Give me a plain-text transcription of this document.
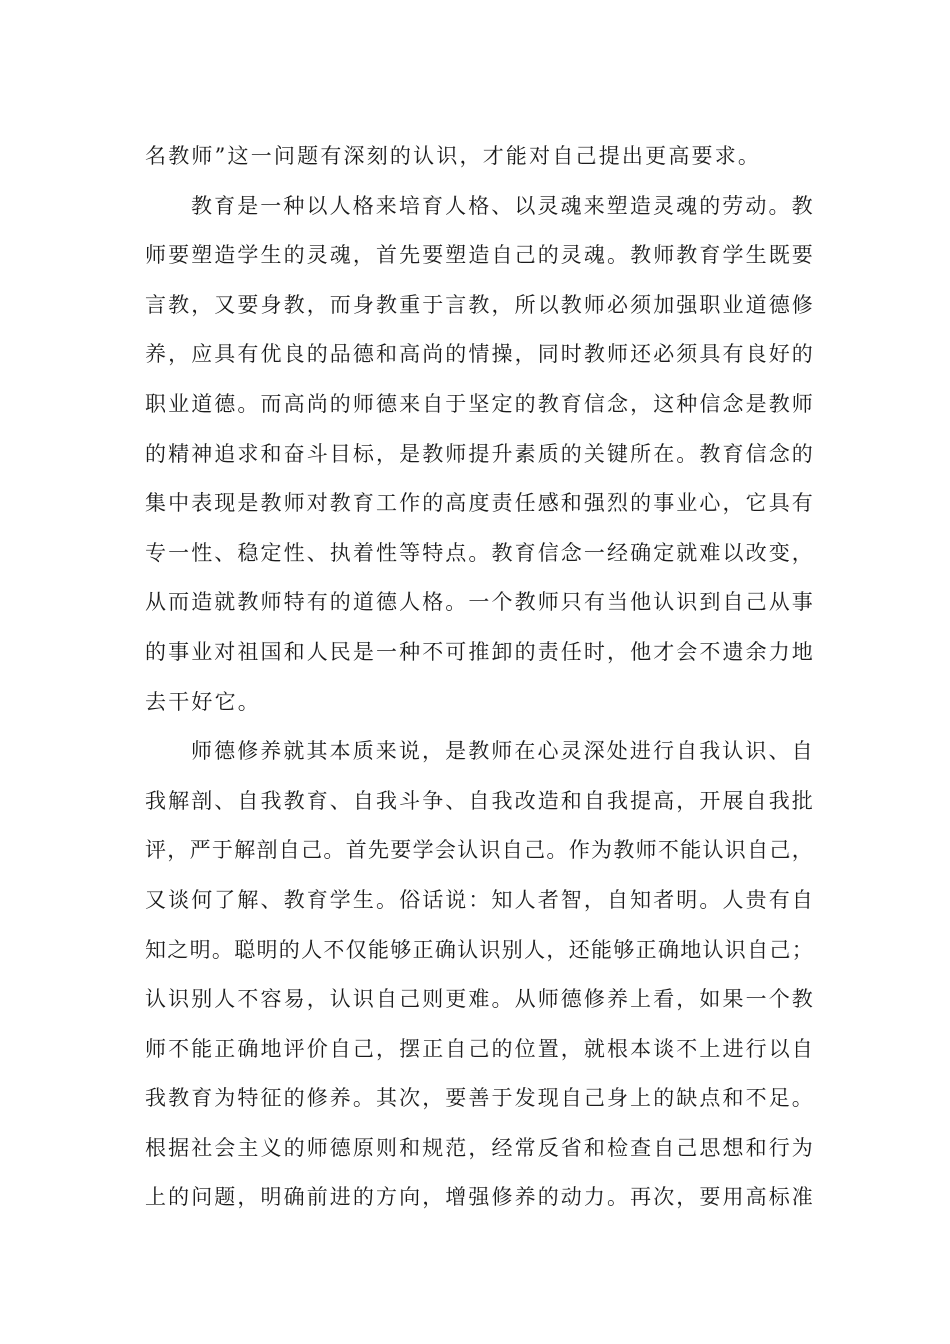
名教师”这一问题有深刻的认识，才能对自己提出更高要求。
教育是一种以人格来培育人格、以灵魂来塑造灵魂的劳动。教
师要塑造学生的灵魂，首先要塑造自己的灵魂。教师教育学生既要
言教，又要身教，而身教重于言教，所以教师必须加强职业道德修
养，应具有优良的品德和高尚的情操，同时教师还必须具有良好的
职业道德。而高尚的师德来自于坚定的教育信念，这种信念是教师
的精神追求和奋斗目标，是教师提升素质的关键所在。教育信念的
集中表现是教师对教育工作的高度责任感和强烈的事业心，它具有
专一性、稳定性、执着性等特点。教育信念一经确定就难以改变，
从而造就教师特有的道德人格。一个教师只有当他认识到自己从事
的事业对祖国和人民是一种不可推卸的责任时，他才会不遗余力地
去干好它。
师德修养就其本质来说，是教师在心灵深处进行自我认识、自
我解剖、自我教育、自我斗争、自我改造和自我提高，开展自我批
评，严于解剖自己。首先要学会认识自己。作为教师不能认识自己，
又谈何了解、教育学生。俗话说：知人者智，自知者明。人贵有自
知之明。聪明的人不仅能够正确认识别人，还能够正确地认识自己；
认识别人不容易，认识自己则更难。从师德修养上看，如果一个教
师不能正确地评价自己，摆正自己的位置，就根本谈不上进行以自
我教育为特征的修养。其次，要善于发现自己身上的缺点和不足。
根据社会主义的师德原则和规范，经常反省和检查自己思想和行为
上的问题，明确前进的方向，增强修养的动力。再次，要用高标准
